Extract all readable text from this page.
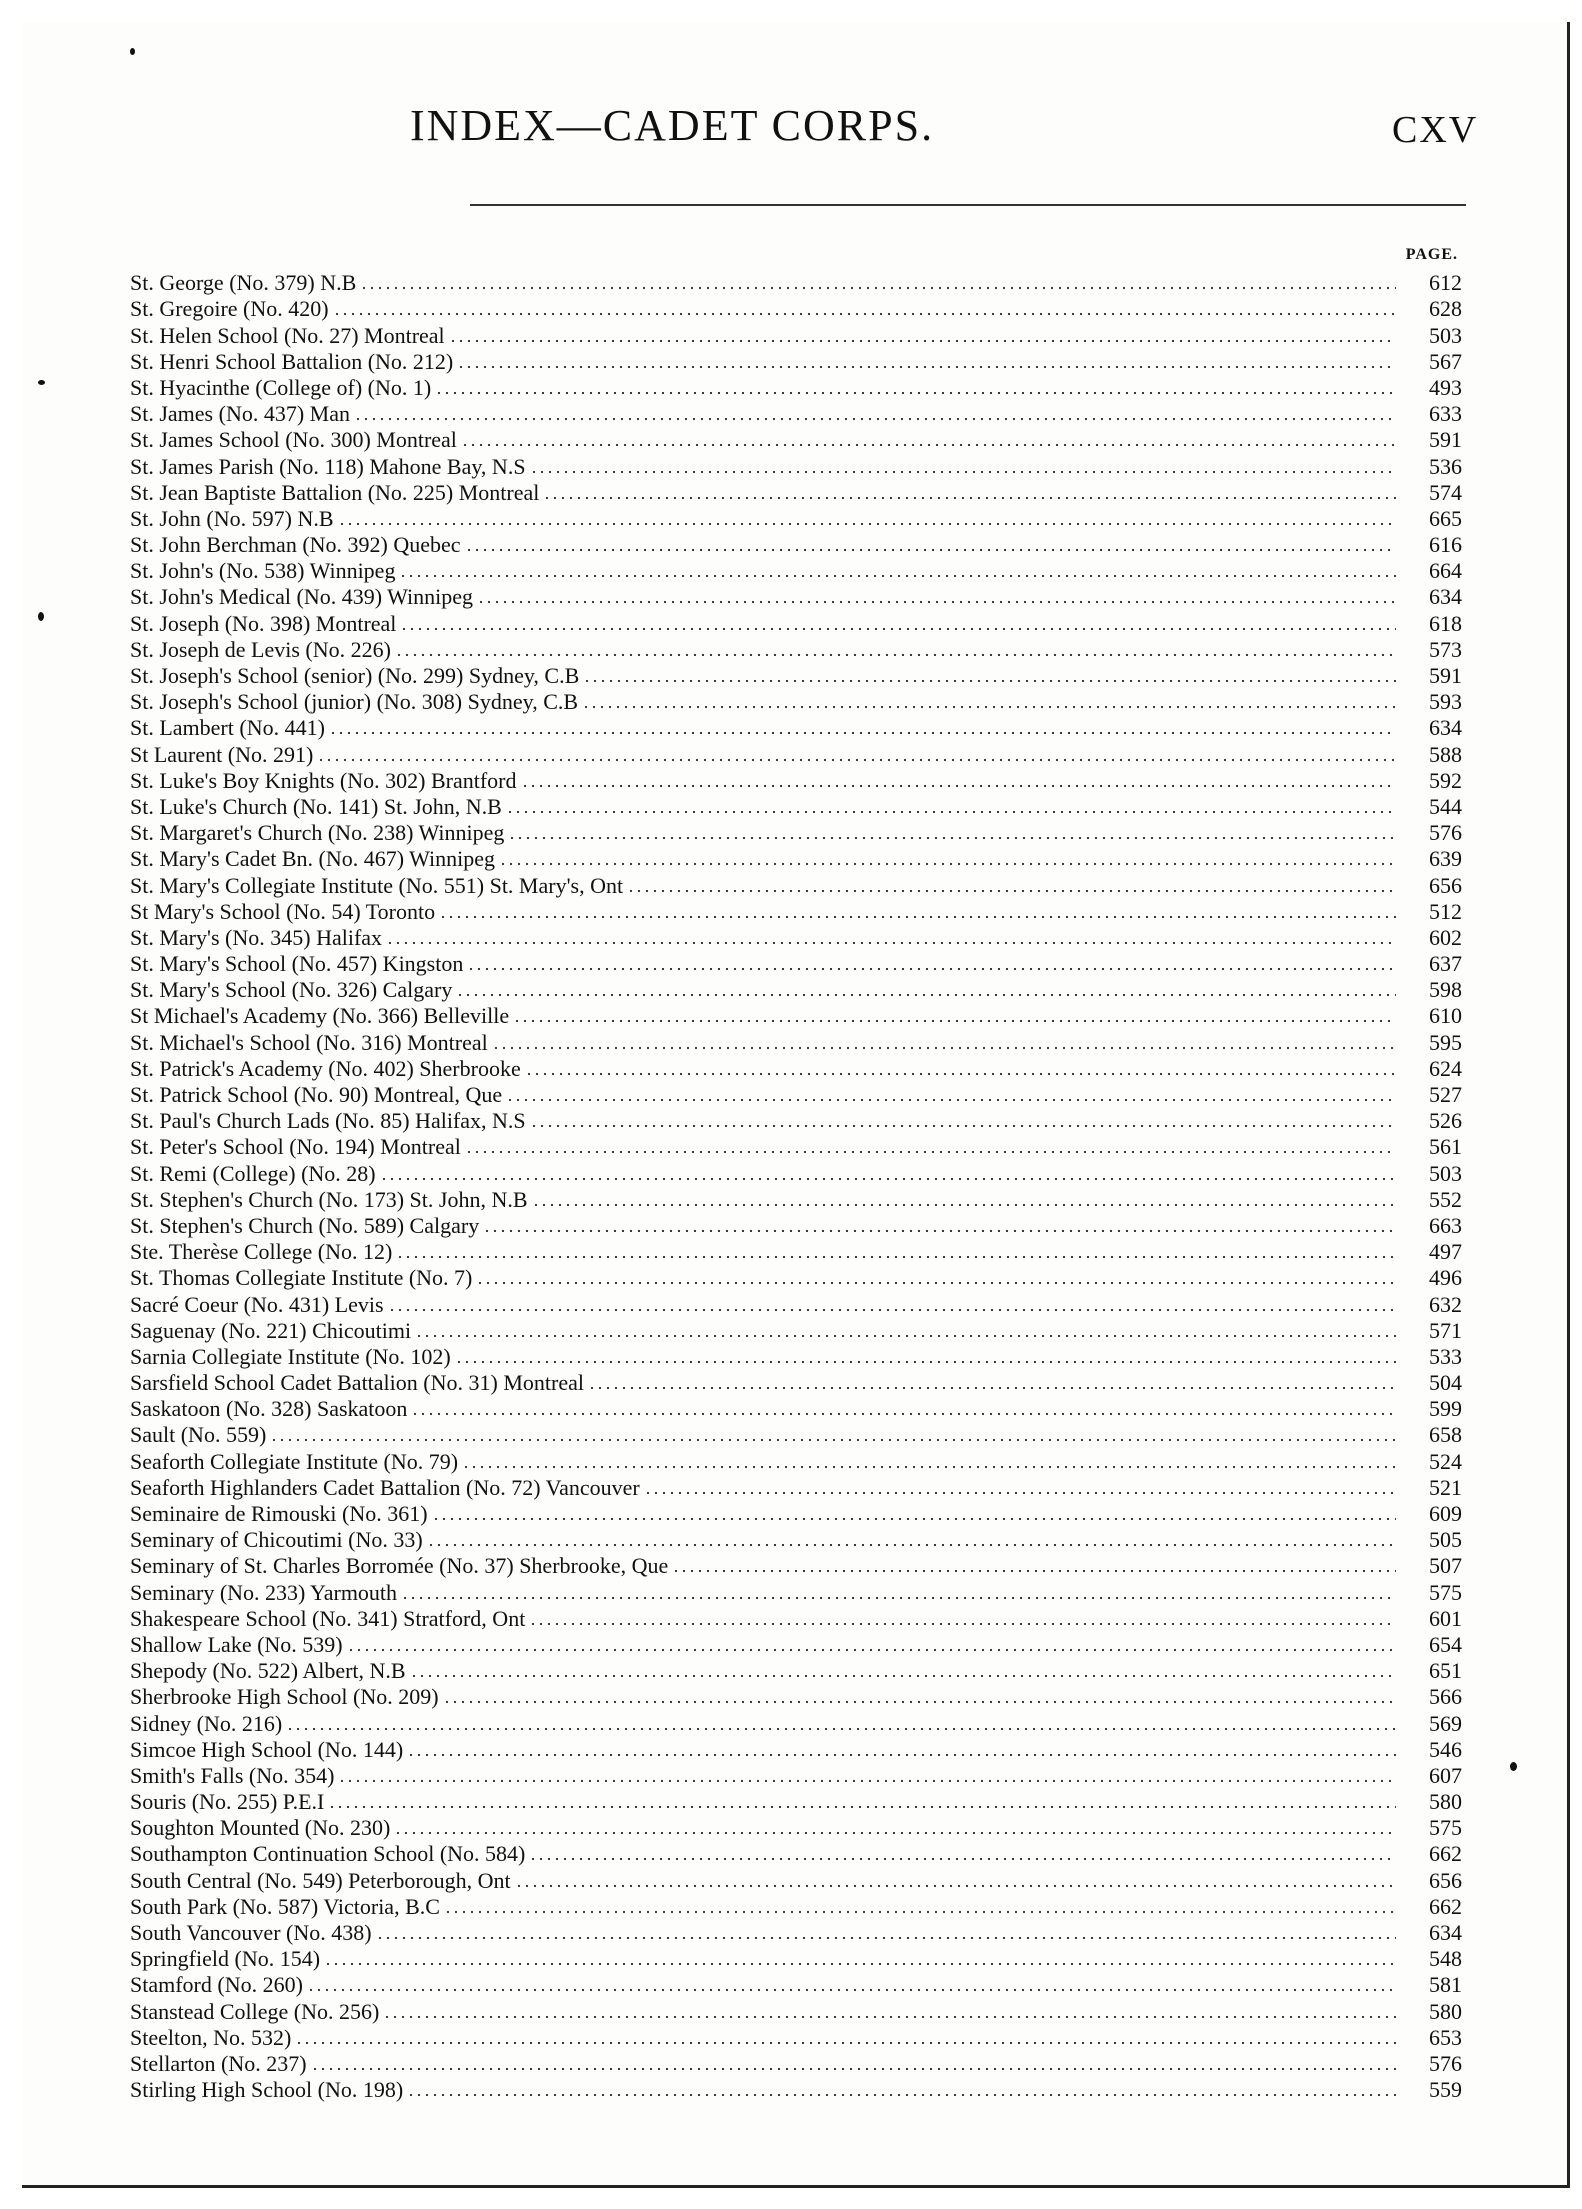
INDEX—CADET CORPS.	CXV
PAGE.
St. George (No. 379) N.B	612
St. Gregoire (No. 420)	628
St. Helen School (No. 27) Montreal	503
St. Henri School Battalion (No. 212)	567
St. Hyacinthe (College of) (No. 1)	493
St. James (No. 437) Man	633
St. James School (No. 300) Montreal	591
St. James Parish (No. 118) Mahone Bay, N.S	536
St. Jean Baptiste Battalion (No. 225) Montreal	574
St. John (No. 597) N.B	665
St. John Berchman (No. 392) Quebec	616
St. John's (No. 538) Winnipeg	664
St. John's Medical (No. 439) Winnipeg	634
St. Joseph (No. 398) Montreal	618
St. Joseph de Levis (No. 226)	573
St. Joseph's School (senior) (No. 299) Sydney, C.B	591
St. Joseph's School (junior) (No. 308) Sydney, C.B	593
St. Lambert (No. 441)	634
St Laurent (No. 291)	588
St. Luke's Boy Knights (No. 302) Brantford	592
St. Luke's Church (No. 141) St. John, N.B	544
St. Margaret's Church (No. 238) Winnipeg	576
St. Mary's Cadet Bn. (No. 467) Winnipeg	639
St. Mary's Collegiate Institute (No. 551) St. Mary's, Ont	656
St Mary's School (No. 54) Toronto	512
St. Mary's (No. 345) Halifax	602
St. Mary's School (No. 457) Kingston	637
St. Mary's School (No. 326) Calgary	598
St Michael's Academy (No. 366) Belleville	610
St. Michael's School (No. 316) Montreal	595
St. Patrick's Academy (No. 402) Sherbrooke	624
St. Patrick School (No. 90) Montreal, Que	527
St. Paul's Church Lads (No. 85) Halifax, N.S	526
St. Peter's School (No. 194) Montreal	561
St. Remi (College) (No. 28)	503
St. Stephen's Church (No. 173) St. John, N.B	552
St. Stephen's Church (No. 589) Calgary	663
Ste. Therèse College (No. 12)	497
St. Thomas Collegiate Institute (No. 7)	496
Sacré Coeur (No. 431) Levis	632
Saguenay (No. 221) Chicoutimi	571
Sarnia Collegiate Institute (No. 102)	533
Sarsfield School Cadet Battalion (No. 31) Montreal	504
Saskatoon (No. 328) Saskatoon	599
Sault (No. 559)	658
Seaforth Collegiate Institute (No. 79)	524
Seaforth Highlanders Cadet Battalion (No. 72) Vancouver	521
Seminaire de Rimouski (No. 361)	609
Seminary of Chicoutimi (No. 33)	505
Seminary of St. Charles Borromée (No. 37) Sherbrooke, Que	507
Seminary (No. 233) Yarmouth	575
Shakespeare School (No. 341) Stratford, Ont	601
Shallow Lake (No. 539)	654
Shepody (No. 522) Albert, N.B	651
Sherbrooke High School (No. 209)	566
Sidney (No. 216)	569
Simcoe High School (No. 144)	546
Smith's Falls (No. 354)	607
Souris (No. 255) P.E.I	580
Soughton Mounted (No. 230)	575
Southampton Continuation School (No. 584)	662
South Central (No. 549) Peterborough, Ont	656
South Park (No. 587) Victoria, B.C	662
South Vancouver (No. 438)	634
Springfield (No. 154)	548
Stamford (No. 260)	581
Stanstead College (No. 256)	580
Steelton, No. 532)	653
Stellarton (No. 237)	576
Stirling High School (No. 198)	559
